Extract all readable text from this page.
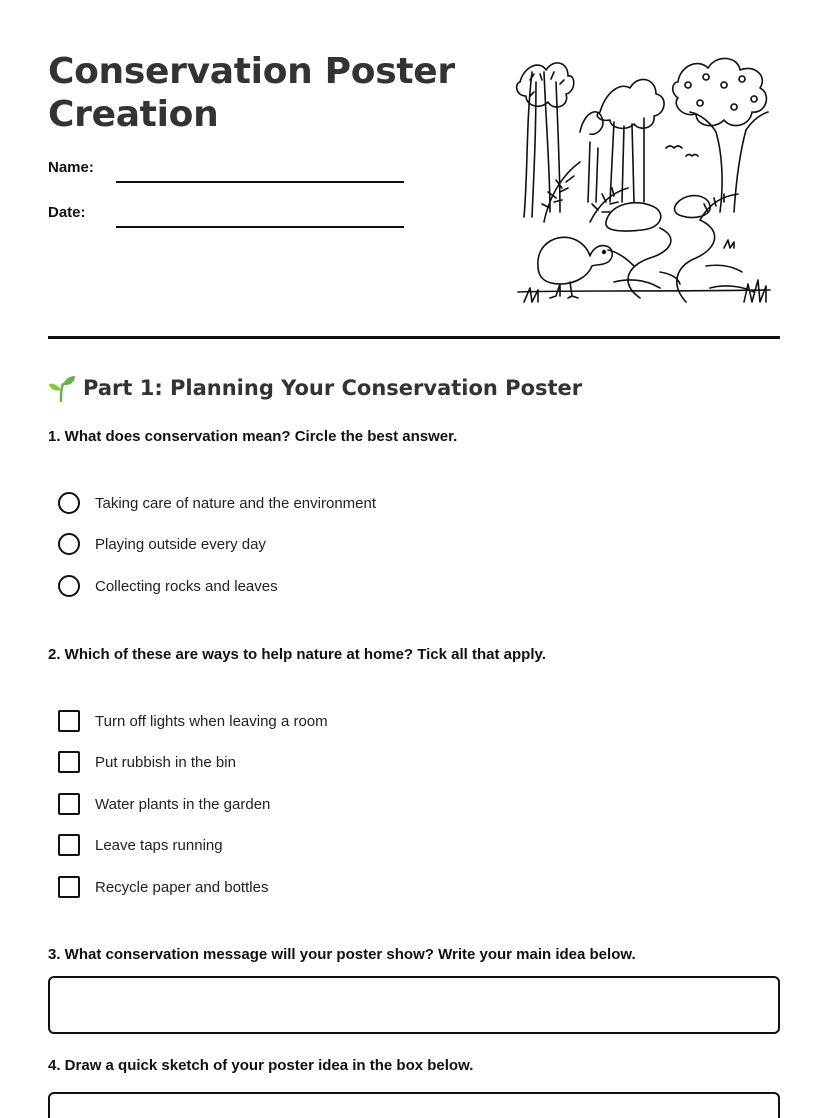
Conservation Poster Creation
Name:
Date:
Part 1: Planning Your Conservation Poster
1. What does conservation mean? Circle the best answer.
Taking care of nature and the environment
Playing outside every day
Collecting rocks and leaves
2. Which of these are ways to help nature at home? Tick all that apply.
Turn off lights when leaving a room
Put rubbish in the bin
Water plants in the garden
Leave taps running
Recycle paper and bottles
3. What conservation message will your poster show? Write your main idea below.
4. Draw a quick sketch of your poster idea in the box below.
